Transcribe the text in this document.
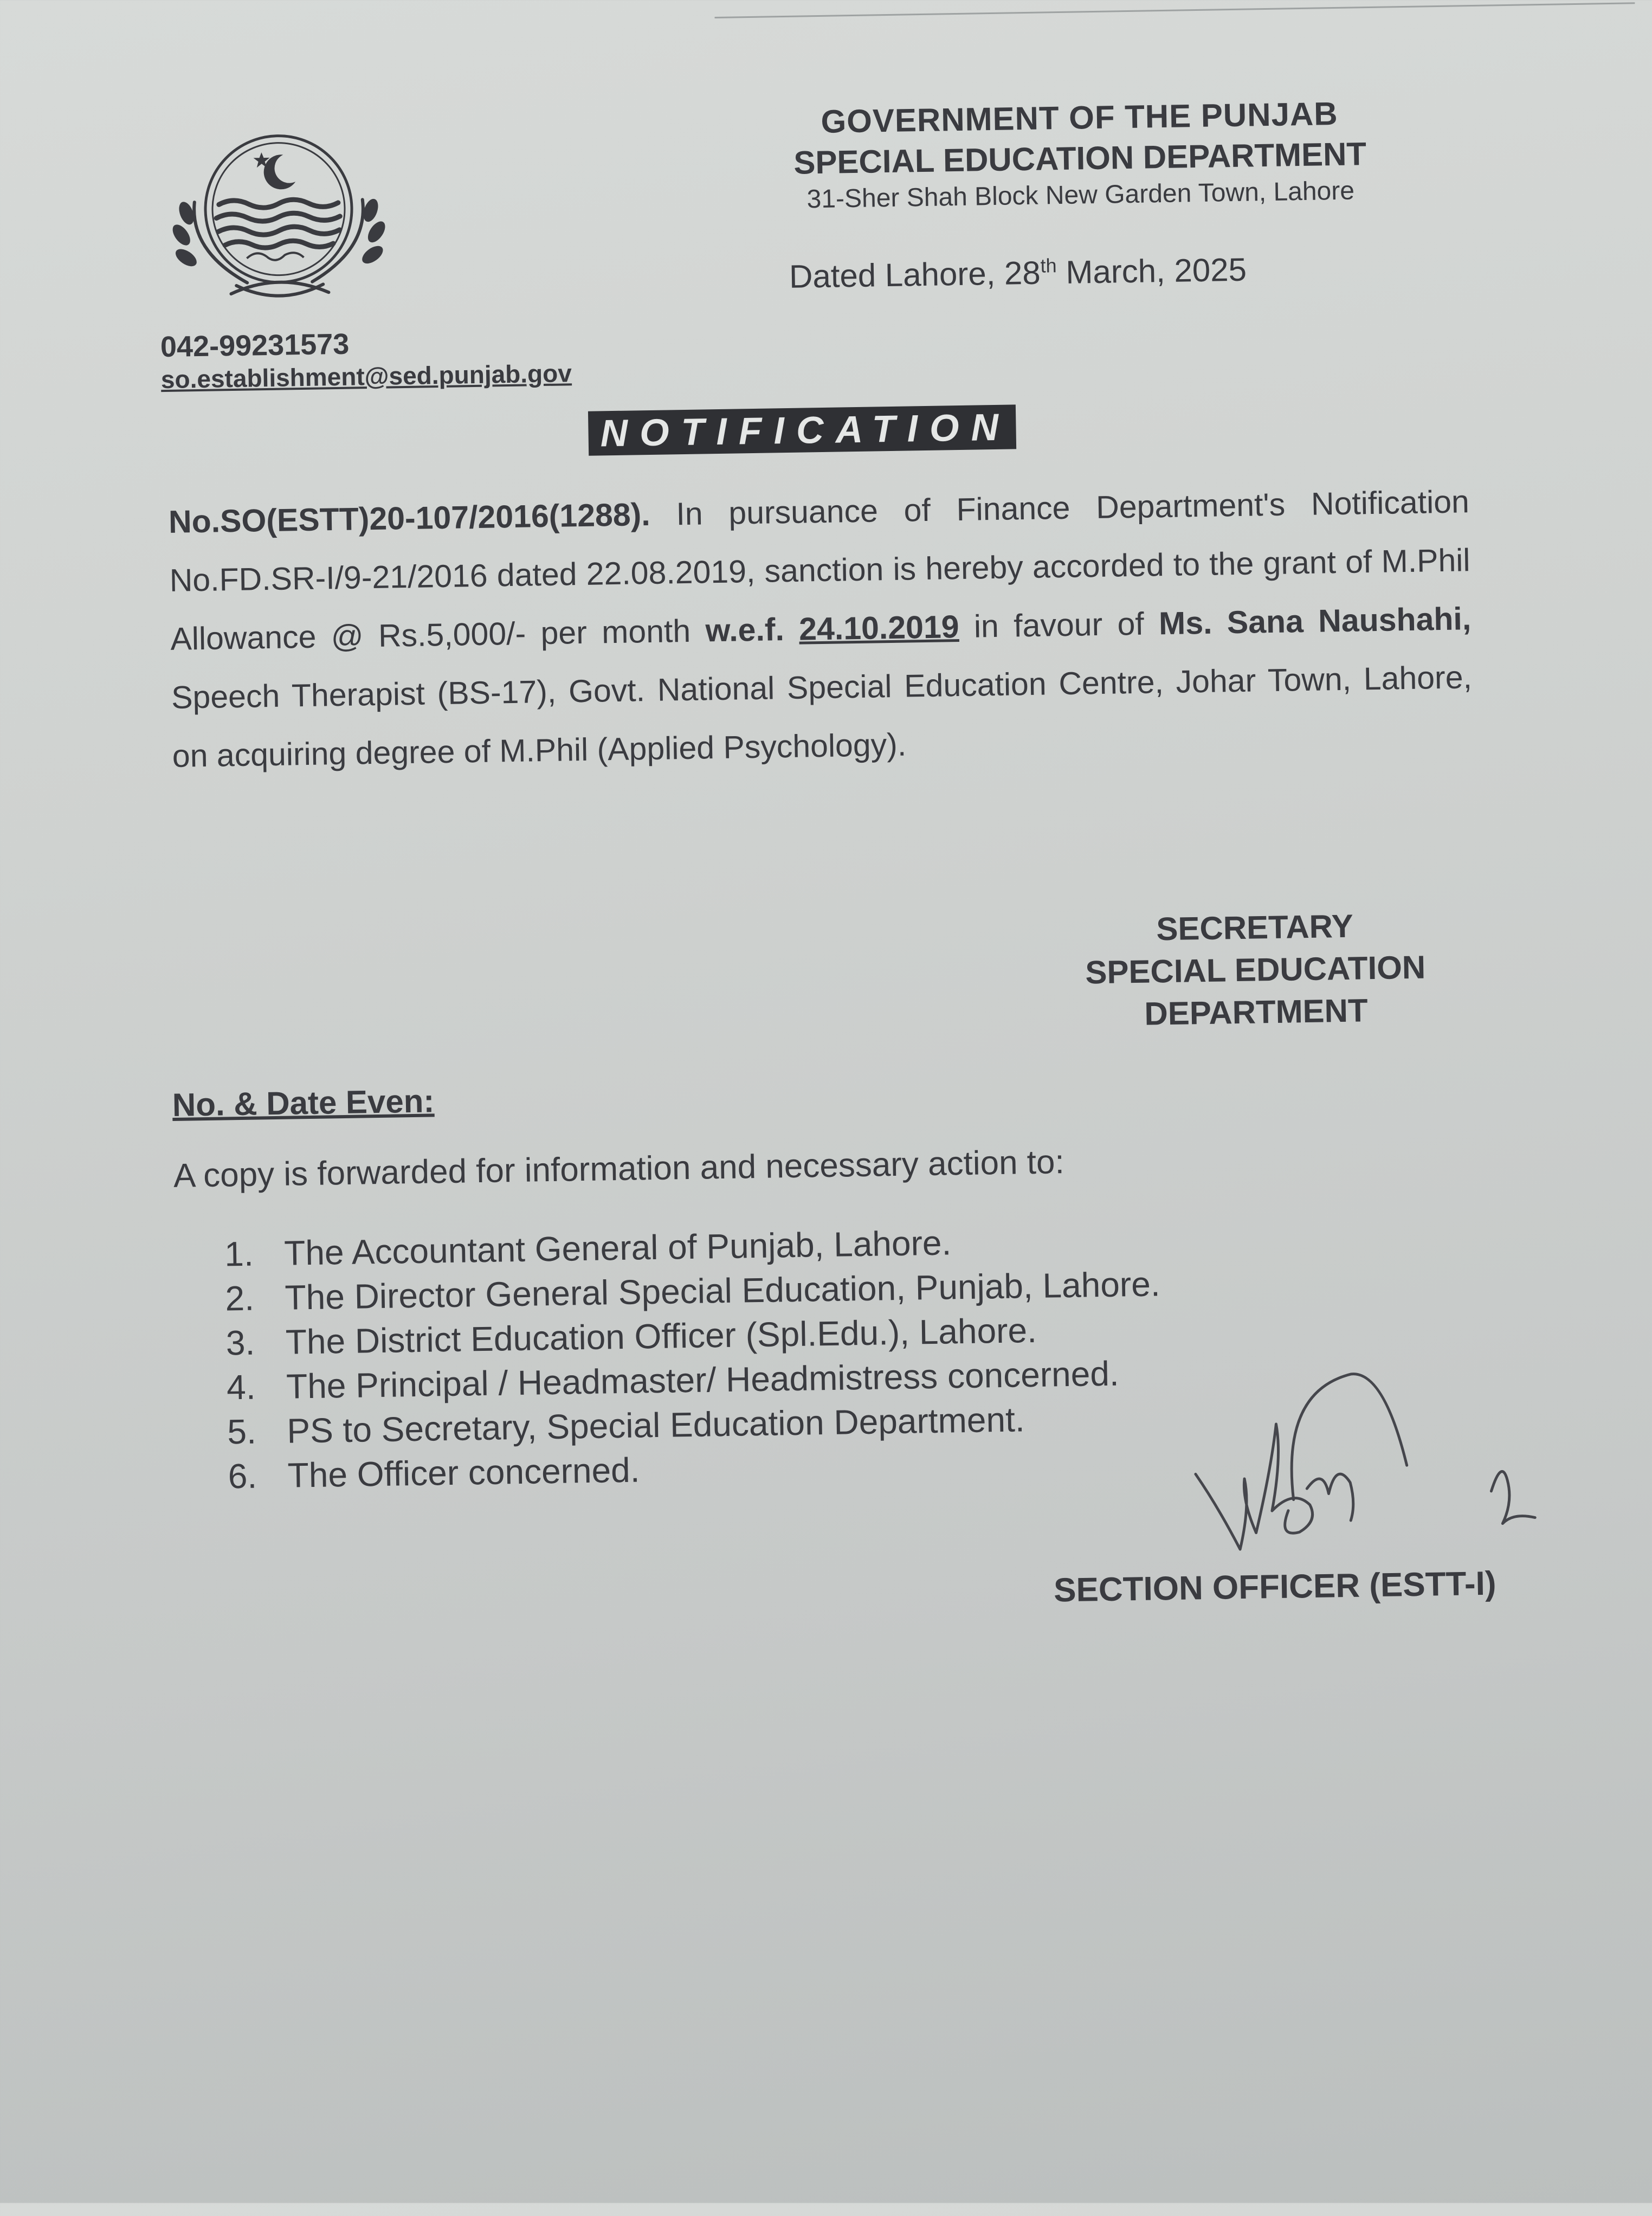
042-99231573
so.establishment@sed.punjab.gov
GOVERNMENT OF THE PUNJAB
SPECIAL EDUCATION DEPARTMENT
31-Sher Shah Block New Garden Town, Lahore
Dated Lahore, 28th March, 2025
NOTIFICATION
No.SO(ESTT)20-107/2016(1288). In pursuance of Finance Department's Notification No.FD.SR-I/9-21/2016 dated 22.08.2019, sanction is hereby accorded to the grant of M.Phil Allowance @ Rs.5,000/- per month w.e.f. 24.10.2019 in favour of Ms. Sana Naushahi, Speech Therapist (BS-17), Govt. National Special Education Centre, Johar Town, Lahore, on acquiring degree of M.Phil (Applied Psychology).
SECRETARY
SPECIAL EDUCATION
DEPARTMENT
No. & Date Even:
A copy is forwarded for information and necessary action to:
1. The Accountant General of Punjab, Lahore.
2. The Director General Special Education, Punjab, Lahore.
3. The District Education Officer (Spl.Edu.), Lahore.
4. The Principal / Headmaster/ Headmistress concerned.
5. PS to Secretary, Special Education Department.
6. The Officer concerned.
SECTION OFFICER (ESTT-I)
